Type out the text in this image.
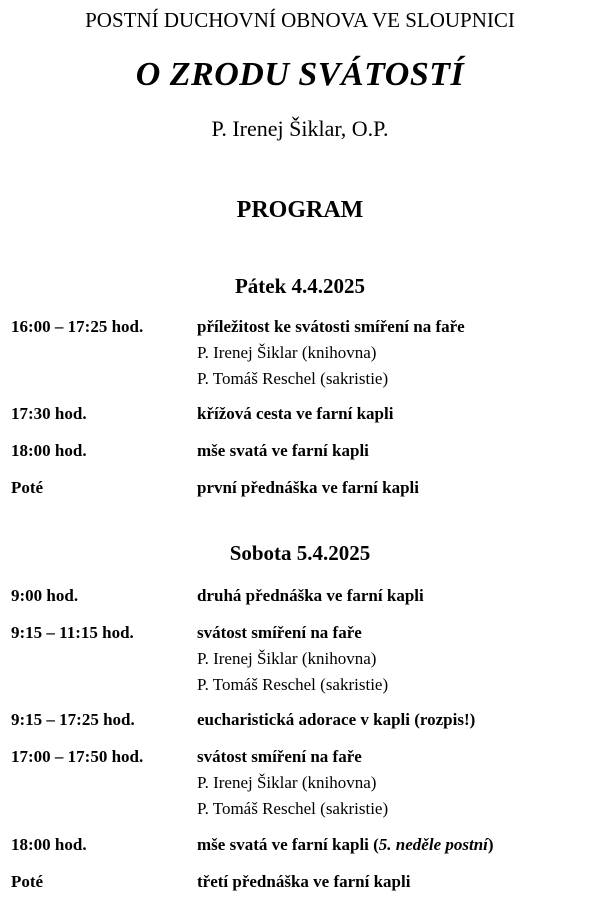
POSTNÍ DUCHOVNÍ OBNOVA VE SLOUPNICI
O ZRODU SVÁTOSTÍ
P. Irenej Šiklar, O.P.
PROGRAM
Pátek 4.4.2025
16:00 – 17:25 hod.	příležitost ke svátosti smíření na faře
P. Irenej Šiklar (knihovna)
P. Tomáš Reschel (sakristie)
17:30 hod.	křížová cesta ve farní kapli
18:00 hod.	mše svatá ve farní kapli
Poté	první přednáška ve farní kapli
Sobota 5.4.2025
9:00 hod.	druhá přednáška ve farní kapli
9:15 – 11:15 hod.	svátost smíření na faře
P. Irenej Šiklar (knihovna)
P. Tomáš Reschel (sakristie)
9:15 – 17:25 hod.	eucharistická adorace v kapli (rozpis!)
17:00 – 17:50 hod.	svátost smíření na faře
P. Irenej Šiklar (knihovna)
P. Tomáš Reschel (sakristie)
18:00 hod.	mše svatá ve farní kapli (5. neděle postní)
Poté	třetí přednáška ve farní kapli
